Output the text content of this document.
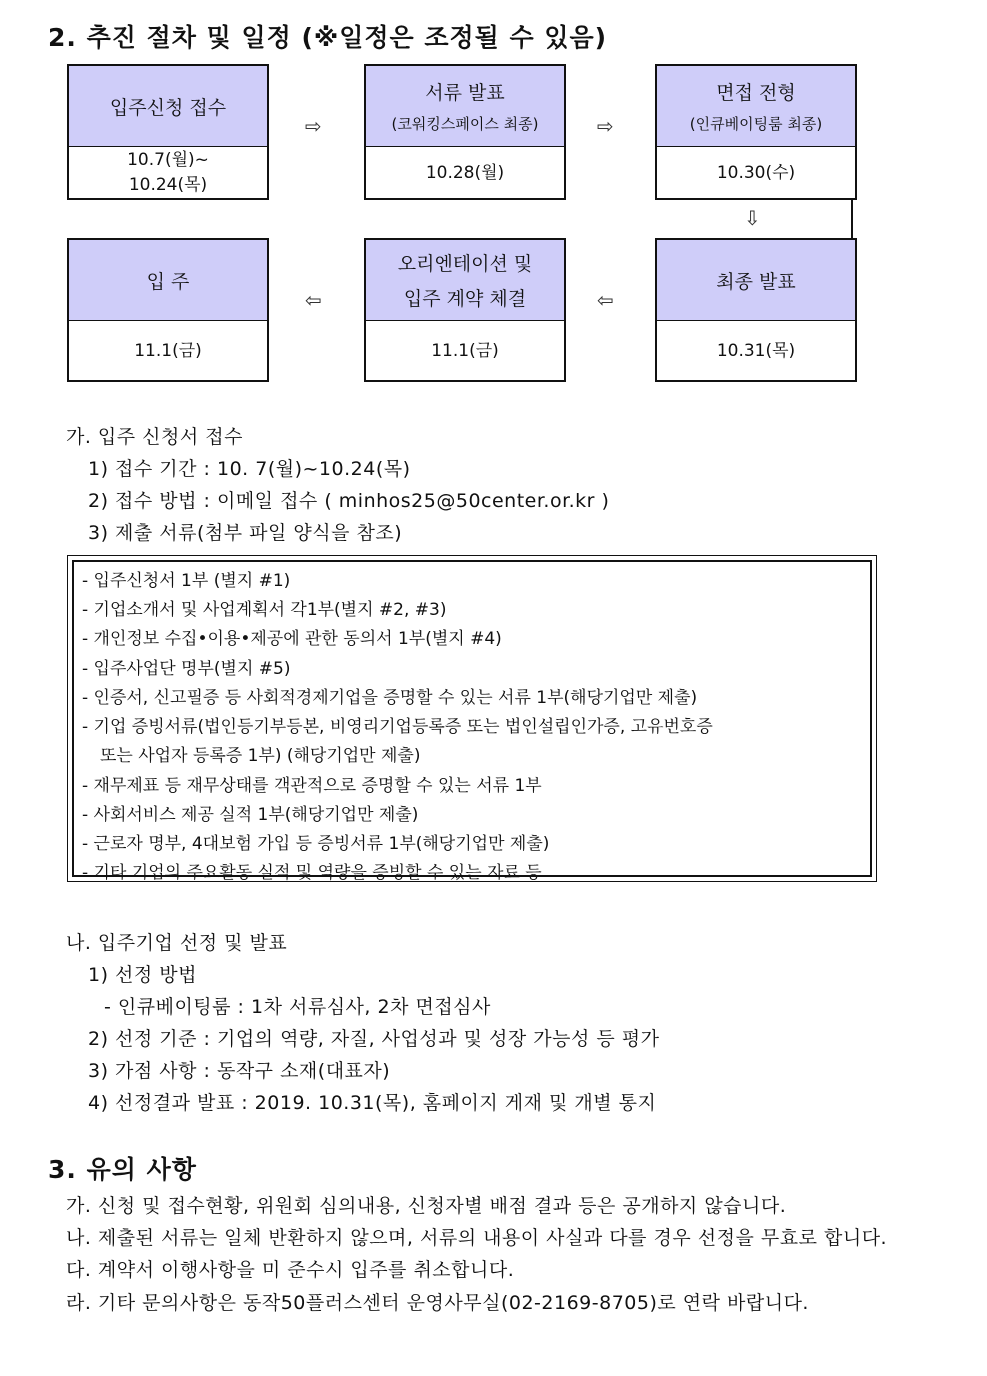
2. 추진 절차 및 일정 (※일정은 조정될 수 있음)
입주신청 접수
10.7(월)~
10.24(목)
⇨
서류 발표
(코워킹스페이스 최종)
10.28(월)
⇨
면접 전형
(인큐베이팅룸 최종)
10.30(수)
⇩
입 주
11.1(금)
⇦
오리엔테이션 및
입주 계약 체결
11.1(금)
⇦
최종 발표
10.31(목)
가. 입주 신청서 접수
1) 접수 기간 : 10. 7(월)~10.24(목)
2) 접수 방법 : 이메일 접수 ( minhos25@50center.or.kr )
3) 제출 서류(첨부 파일 양식을 참조)
- 입주신청서 1부 (별지 #1)
- 기업소개서 및 사업계획서 각1부(별지 #2, #3)
- 개인정보 수집•이용•제공에 관한 동의서 1부(별지 #4)
- 입주사업단 명부(별지 #5)
- 인증서, 신고필증 등 사회적경제기업을 증명할 수 있는 서류 1부(해당기업만 제출)
- 기업 증빙서류(법인등기부등본, 비영리기업등록증 또는 법인설립인가증, 고유번호증
또는 사업자 등록증 1부) (해당기업만 제출)
- 재무제표 등 재무상태를 객관적으로 증명할 수 있는 서류 1부
- 사회서비스 제공 실적 1부(해당기업만 제출)
- 근로자 명부, 4대보험 가입 등 증빙서류 1부(해당기업만 제출)
- 기타 기업의 주요활동 실적 및 역량을 증빙할 수 있는 자료 등
나. 입주기업 선정 및 발표
1) 선정 방법
- 인큐베이팅룸 : 1차 서류심사, 2차 면접심사
2) 선정 기준 : 기업의 역량, 자질, 사업성과 및 성장 가능성 등 평가
3) 가점 사항 : 동작구 소재(대표자)
4) 선정결과 발표 : 2019. 10.31(목), 홈페이지 게재 및 개별 통지
3. 유의 사항
가. 신청 및 접수현황, 위원회 심의내용, 신청자별 배점 결과 등은 공개하지 않습니다.
나. 제출된 서류는 일체 반환하지 않으며, 서류의 내용이 사실과 다를 경우 선정을 무효로 합니다.
다. 계약서 이행사항을 미 준수시 입주를 취소합니다.
라. 기타 문의사항은 동작50플러스센터 운영사무실(02-2169-8705)로 연락 바랍니다.
